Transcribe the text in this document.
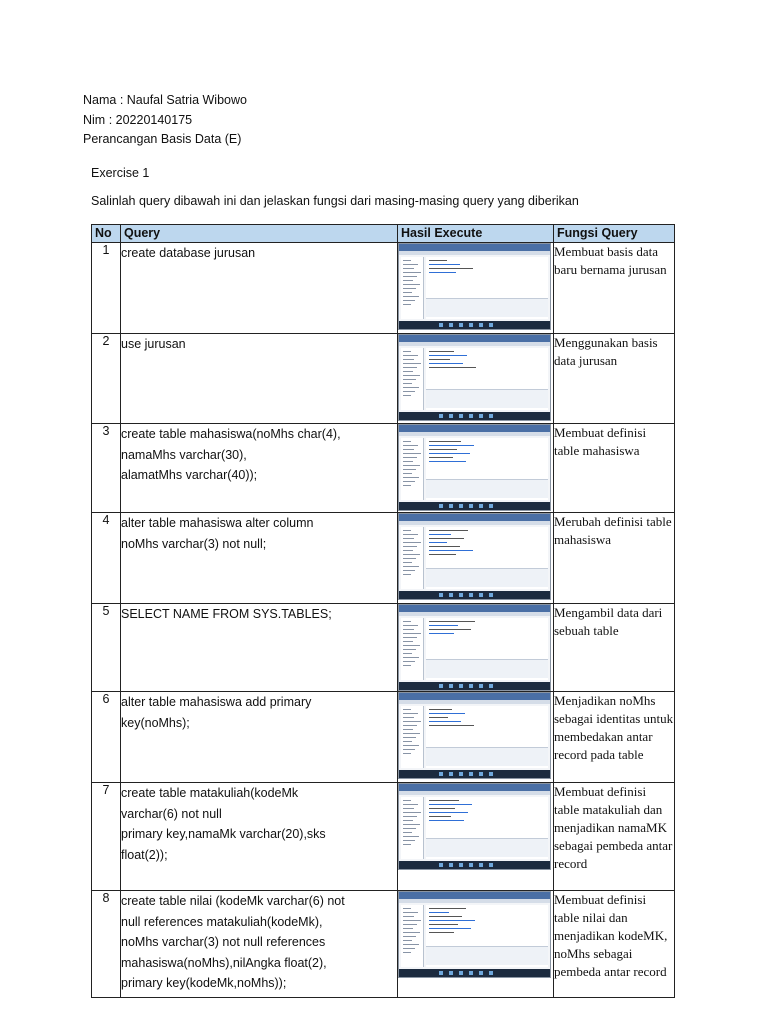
Nama : Naufal Satria Wibowo
Nim : 20220140175
Perancangan Basis Data (E)
Exercise 1
Salinlah query dibawah ini dan jelaskan fungsi dari masing-masing query yang diberikan
No	Query	Hasil Execute	Fungsi Query
1	create database jurusan		Membuat basis data baru bernama jurusan
2	use jurusan		Menggunakan basis data jurusan
3	create table mahasiswa(noMhs char(4),
namaMhs varchar(30),
alamatMhs varchar(40));		Membuat definisi table mahasiswa
4	alter table mahasiswa alter column
noMhs varchar(3) not null;		Merubah definisi table mahasiswa
5	SELECT NAME FROM SYS.TABLES;		Mengambil data dari sebuah table
6	alter table mahasiswa add primary
key(noMhs);		Menjadikan noMhs sebagai identitas untuk membedakan antar record pada table
7	create table matakuliah(kodeMk
varchar(6) not null
primary key,namaMk varchar(20),sks
float(2));		Membuat definisi table matakuliah dan menjadikan namaMK sebagai pembeda antar record
8	create table nilai (kodeMk varchar(6) not
null references matakuliah(kodeMk),
noMhs varchar(3) not null references
mahasiswa(noMhs),nilAngka float(2),
primary key(kodeMk,noMhs));		Membuat definisi table nilai dan menjadikan kodeMK, noMhs sebagai pembeda antar record
